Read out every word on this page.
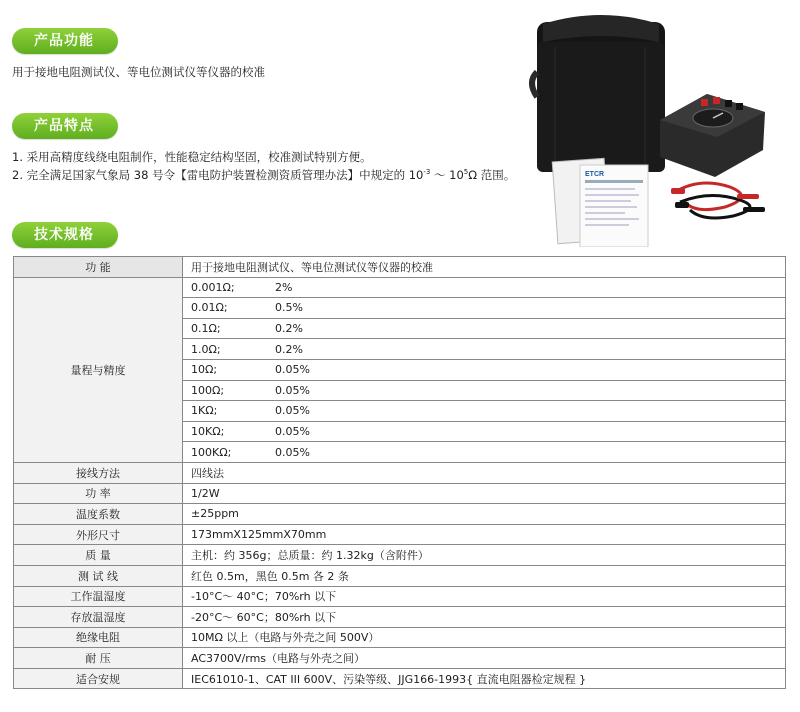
产品功能
用于接地电阻测试仪、等电位测试仪等仪器的校准
产品特点
1. 采用高精度线绕电阻制作，性能稳定结构坚固，校准测试特别方便。
2. 完全满足国家气象局 38 号令【雷电防护装置检测资质管理办法】中规定的 $10^{-3}$ ～ $10^5\Omega$ 范围。	ETCR
技术规格
功 能	用于接地电阻测试仪、等电位测试仪等仪器的校准
量程与精度	0.001Ω; 2%
	0.01Ω; 0.5%
	0.1Ω; 0.2%
	1.0Ω; 0.2%
	10Ω; 0.05%
	100Ω; 0.05%
	1KΩ; 0.05%
	10KΩ; 0.05%
	100KΩ; 0.05%
接线方法	四线法
功 率	1/2W
温度系数	±25ppm
外形尺寸	173mmX125mmX70mm
质 量	主机：约 356g；总质量：约 1.32kg（含附件）
测 试 线	红色 0.5m，黑色 0.5m 各 2 条
工作温湿度	-10°C～ 40°C；70%rh 以下
存放温湿度	-20°C～ 60°C；80%rh 以下
绝缘电阻	10MΩ 以上（电路与外壳之间 500V）
耐 压	AC3700V/rms（电路与外壳之间）
适合安规	IEC61010-1、CAT III 600V、污染等级、JJG166-1993{ 直流电阻器检定规程 }
